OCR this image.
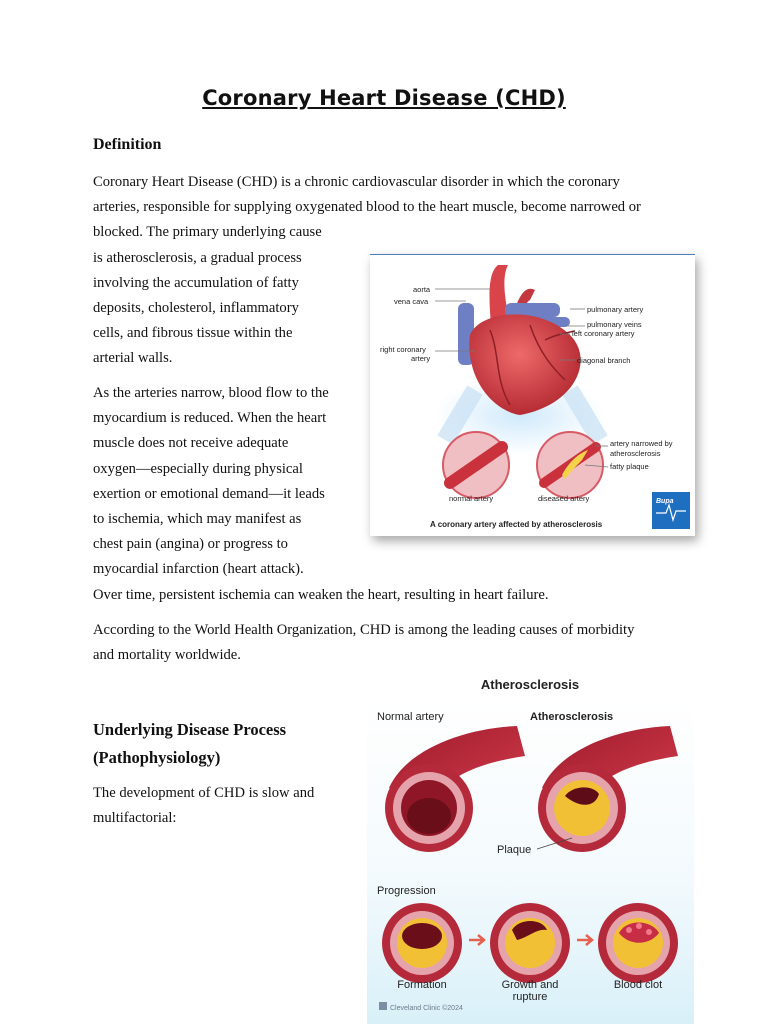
Coronary Heart Disease (CHD)
Definition
Coronary Heart Disease (CHD) is a chronic cardiovascular disorder in which the coronary
arteries, responsible for supplying oxygenated blood to the heart muscle, become narrowed or
blocked. The primary underlying cause
is atherosclerosis, a gradual process
involving the accumulation of fatty
deposits, cholesterol, inflammatory
cells, and fibrous tissue within the
arterial walls.
As the arteries narrow, blood flow to the
myocardium is reduced. When the heart
muscle does not receive adequate
oxygen—especially during physical
exertion or emotional demand—it leads
to ischemia, which may manifest as
chest pain (angina) or progress to
myocardial infarction (heart attack).
Over time, persistent ischemia can weaken the heart, resulting in heart failure.
According to the World Health Organization, CHD is among the leading causes of morbidity
and mortality worldwide.
Underlying Disease Process
(Pathophysiology)
The development of CHD is slow and
multifactorial:
aorta
vena cava
right coronary
artery
pulmonary artery
pulmonary veins
left coronary artery
diagonal branch
artery narrowed by
atherosclerosis
fatty plaque
normal artery	diseased artery
A coronary artery affected by atherosclerosis
Bupa
Atherosclerosis
Normal artery	Atherosclerosis
Plaque
Progression
Formation	Growth and
rupture
Blood clot
Cleveland Clinic ©2024
